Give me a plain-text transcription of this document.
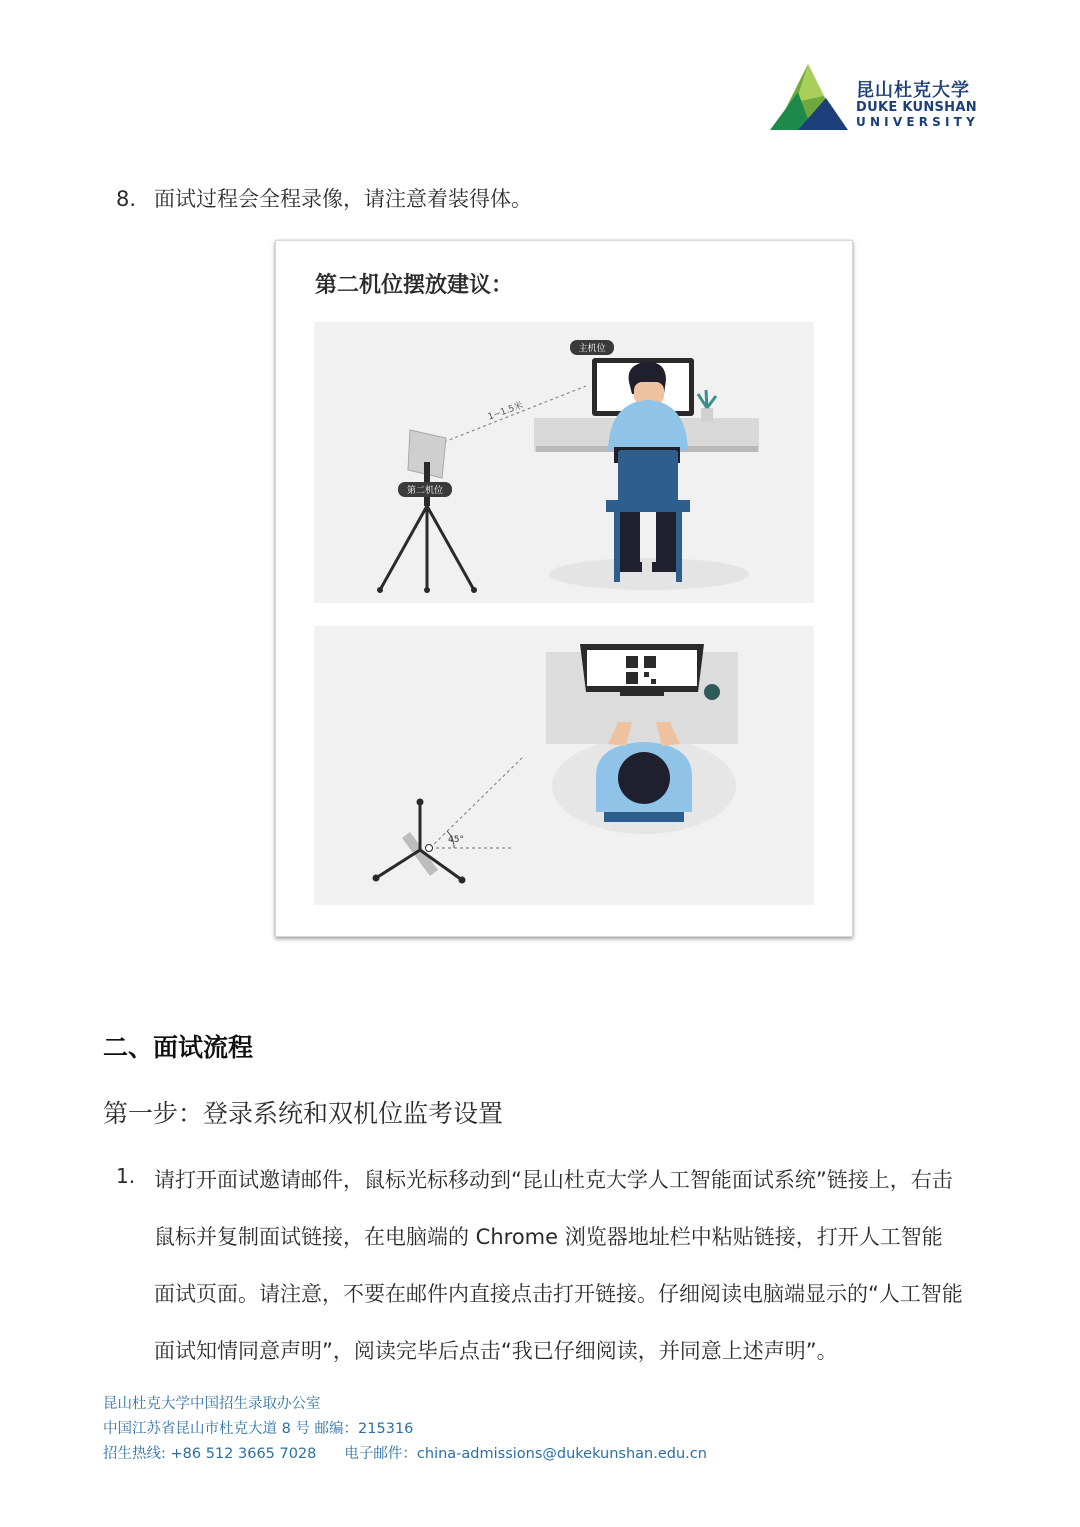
昆山杜克大学
DUKE KUNSHAN
UNIVERSITY
8. 面试过程会全程录像，请注意着装得体。
第二机位摆放建议：
主机位
1~1.5米
第二机位
45°
二、面试流程
第一步：登录系统和双机位监考设置
1. 请打开面试邀请邮件，鼠标光标移动到“昆山杜克大学人工智能面试系统”链接上，右击
鼠标并复制面试链接，在电脑端的 Chrome 浏览器地址栏中粘贴链接，打开人工智能
面试页面。请注意，不要在邮件内直接点击打开链接。仔细阅读电脑端显示的“人工智能
面试知情同意声明”，阅读完毕后点击“我已仔细阅读，并同意上述声明”。
昆山杜克大学中国招生录取办公室
中国江苏省昆山市杜克大道 8 号 邮编：215316
招生热线: +86 512 3665 7028 电子邮件：china-admissions@dukekunshan.edu.cn
